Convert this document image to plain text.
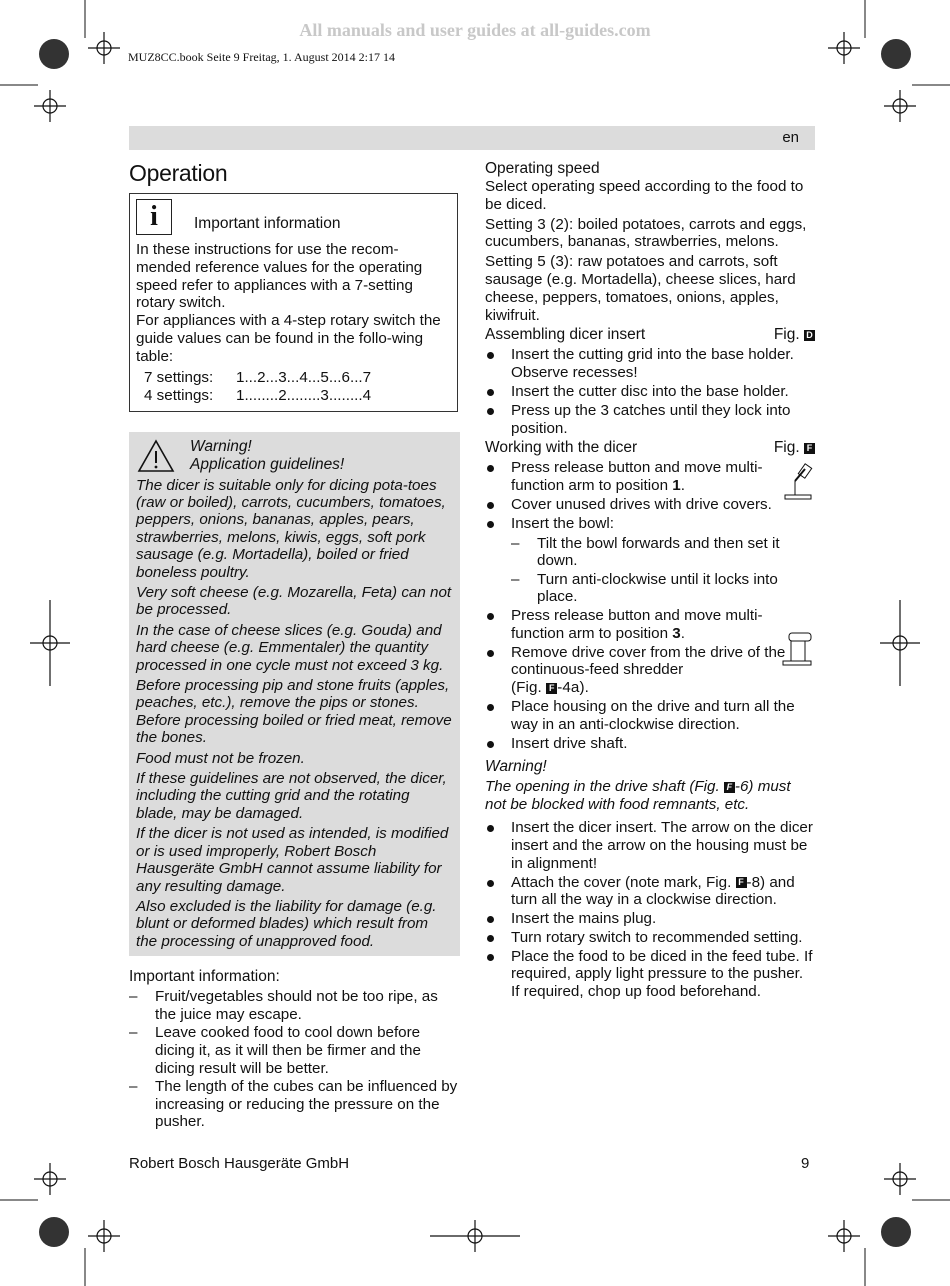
All manuals and user guides at all-guides.com
MUZ8CC.book Seite 9 Freitag, 1. August 2014 2:17 14
en
Operation
i	Important information

In these instructions for use the recom-mended reference values for the operating speed refer to appliances with a 7-setting rotary switch.

For appliances with a 4-step rotary switch the guide values can be found in the follo-wing table:

7 settings:	1...2...3...4...5...6...7
4 settings:	1........2........3........4
Warning!
Application guidelines!

The dicer is suitable only for dicing pota-toes (raw or boiled), carrots, cucumbers, tomatoes, peppers, onions, bananas, apples, pears, strawberries, melons, kiwis, eggs, soft pork sausage (e.g. Mortadella), boiled or fried boneless poultry.

Very soft cheese (e.g. Mozarella, Feta) can not be processed.

In the case of cheese slices (e.g. Gouda) and hard cheese (e.g. Emmentaler) the quantity processed in one cycle must not exceed 3 kg.

Before processing pip and stone fruits (apples, peaches, etc.), remove the pips or stones. Before processing boiled or fried meat, remove the bones.

Food must not be frozen.

If these guidelines are not observed, the dicer, including the cutting grid and the rotating blade, may be damaged.

If the dicer is not used as intended, is modified or is used improperly, Robert Bosch Hausgeräte GmbH cannot assume liability for any resulting damage.

Also excluded is the liability for damage (e.g. blunt or deformed blades) which result from the processing of unapproved food.

Important information:

– Fruit/vegetables should not be too ripe, as the juice may escape.
– Leave cooked food to cool down before dicing it, as it will then be firmer and the dicing result will be better.
– The length of the cubes can be influenced by increasing or reducing the pressure on the pusher.

Operating speed

Select operating speed according to the food to be diced.

Setting 3 (2): boiled potatoes, carrots and eggs, cucumbers, bananas, strawberries, melons.

Setting 5 (3): raw potatoes and carrots, soft sausage (e.g. Mortadella), cheese slices, hard cheese, peppers, tomatoes, onions, apples, kiwifruit.

Assembling dicer insert	Fig. D
Insert the cutting grid into the base holder. Observe recesses!
Insert the cutter disc into the base holder.
Press up the 3 catches until they lock into position.
Working with the dicer	Fig. F
Press release button and move multi-function arm to position 1.
Cover unused drives with drive covers.
Insert the bowl:
– Tilt the bowl forwards and then set it down.
– Turn anti-clockwise until it locks into place.
Press release button and move multi-function arm to position 3.
Remove drive cover from the drive of the continuous-feed shredder
(Fig. F -4a).
Place housing on the drive and turn all the way in an anti-clockwise direction.
Insert drive shaft.

Warning!

The opening in the drive shaft (Fig. F -6) must not be blocked with food remnants, etc.

Insert the dicer insert. The arrow on the dicer insert and the arrow on the housing must be in alignment!
Attach the cover (note mark, Fig. F -8) and turn all the way in a clockwise direction.
Insert the mains plug.
Turn rotary switch to recommended setting.
Place the food to be diced in the feed tube. If required, apply light pressure to the pusher. If required, chop up food beforehand.
Robert Bosch Hausgeräte GmbH	9
